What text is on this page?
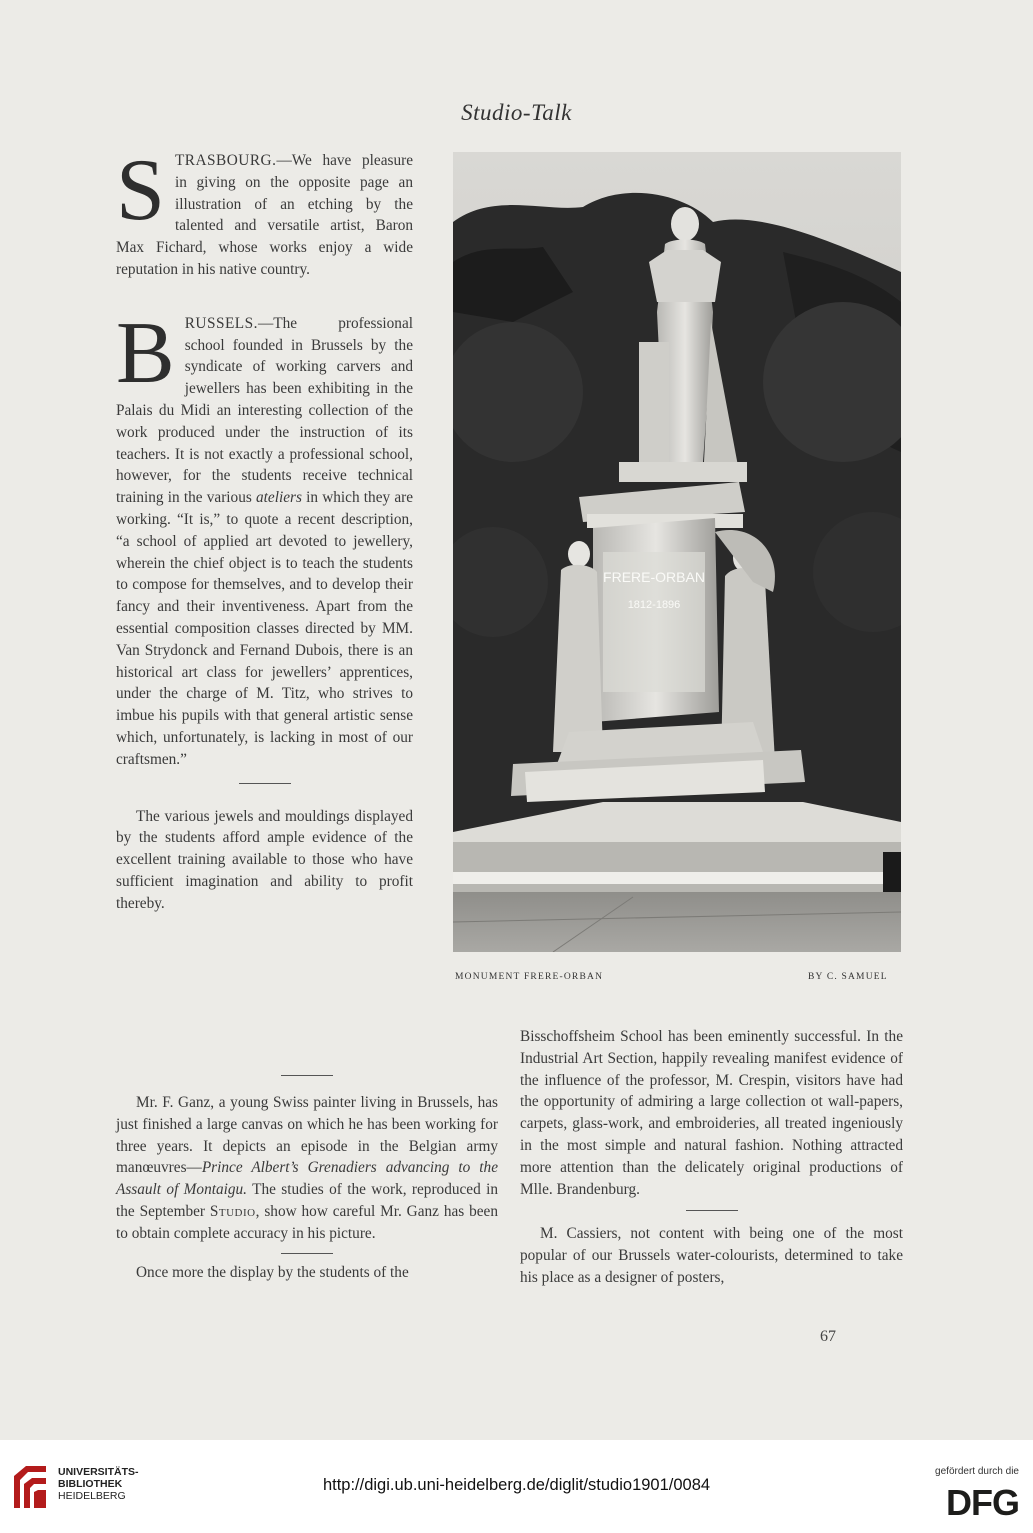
Studio-Talk

STRASBOURG.—We have pleasure in giving on the opposite page an illustration of an etching by the talented and versatile artist, Baron Max Fichard, whose works enjoy a wide reputation in his native country.

BRUSSELS.—The professional school founded in Brussels by the syndicate of working carvers and jewellers has been exhibiting in the Palais du Midi an interesting collection of the work produced under the instruction of its teachers. It is not exactly a professional school, however, for the students receive technical training in the various ateliers in which they are working. “It is,” to quote a recent description, “a school of applied art devoted to jewellery, wherein the chief object is to teach the students to compose for themselves, and to develop their fancy and their inventiveness. Apart from the essential composition classes directed by MM. Van Strydonck and Fernand Dubois, there is an historical art class for jewellers’ apprentices, under the charge of M. Titz, who strives to imbue his pupils with that general artistic sense which, unfortunately, is lacking in most of our craftsmen.”

The various jewels and mouldings displayed by the students afford ample evidence of the excellent training available to those who have sufficient imagination and ability to profit thereby.

Mr. F. Ganz, a young Swiss painter living in Brussels, has just finished a large canvas on which he has been working for three years. It depicts an episode in the Belgian army manœuvres—Prince Albert’s Grenadiers advancing to the Assault of Montaigu. The studies of the work, reproduced in the September Studio, show how careful Mr. Ganz has been to obtain complete accuracy in his picture.

Once more the display by the students of the

FRERE-ORBAN
1812-1896
MONUMENT FRERE-ORBAN	BY C. SAMUEL

Bisschoffsheim School has been eminently successful. In the Industrial Art Section, happily revealing manifest evidence of the influence of the professor, M. Crespin, visitors have had the opportunity of admiring a large collection ot wall-papers, carpets, glass-work, and embroideries, all treated ingeniously in the most simple and natural fashion. Nothing attracted more attention than the delicately original productions of Mlle. Brandenburg.

M. Cassiers, not content with being one of the most popular of our Brussels water-colourists, determined to take his place as a designer of posters,

67
UNIVERSITÄTS-
BIBLIOTHEK
HEIDELBERG
http://digi.ub.uni-heidelberg.de/diglit/studio1901/0084
gefördert durch die
DFG
